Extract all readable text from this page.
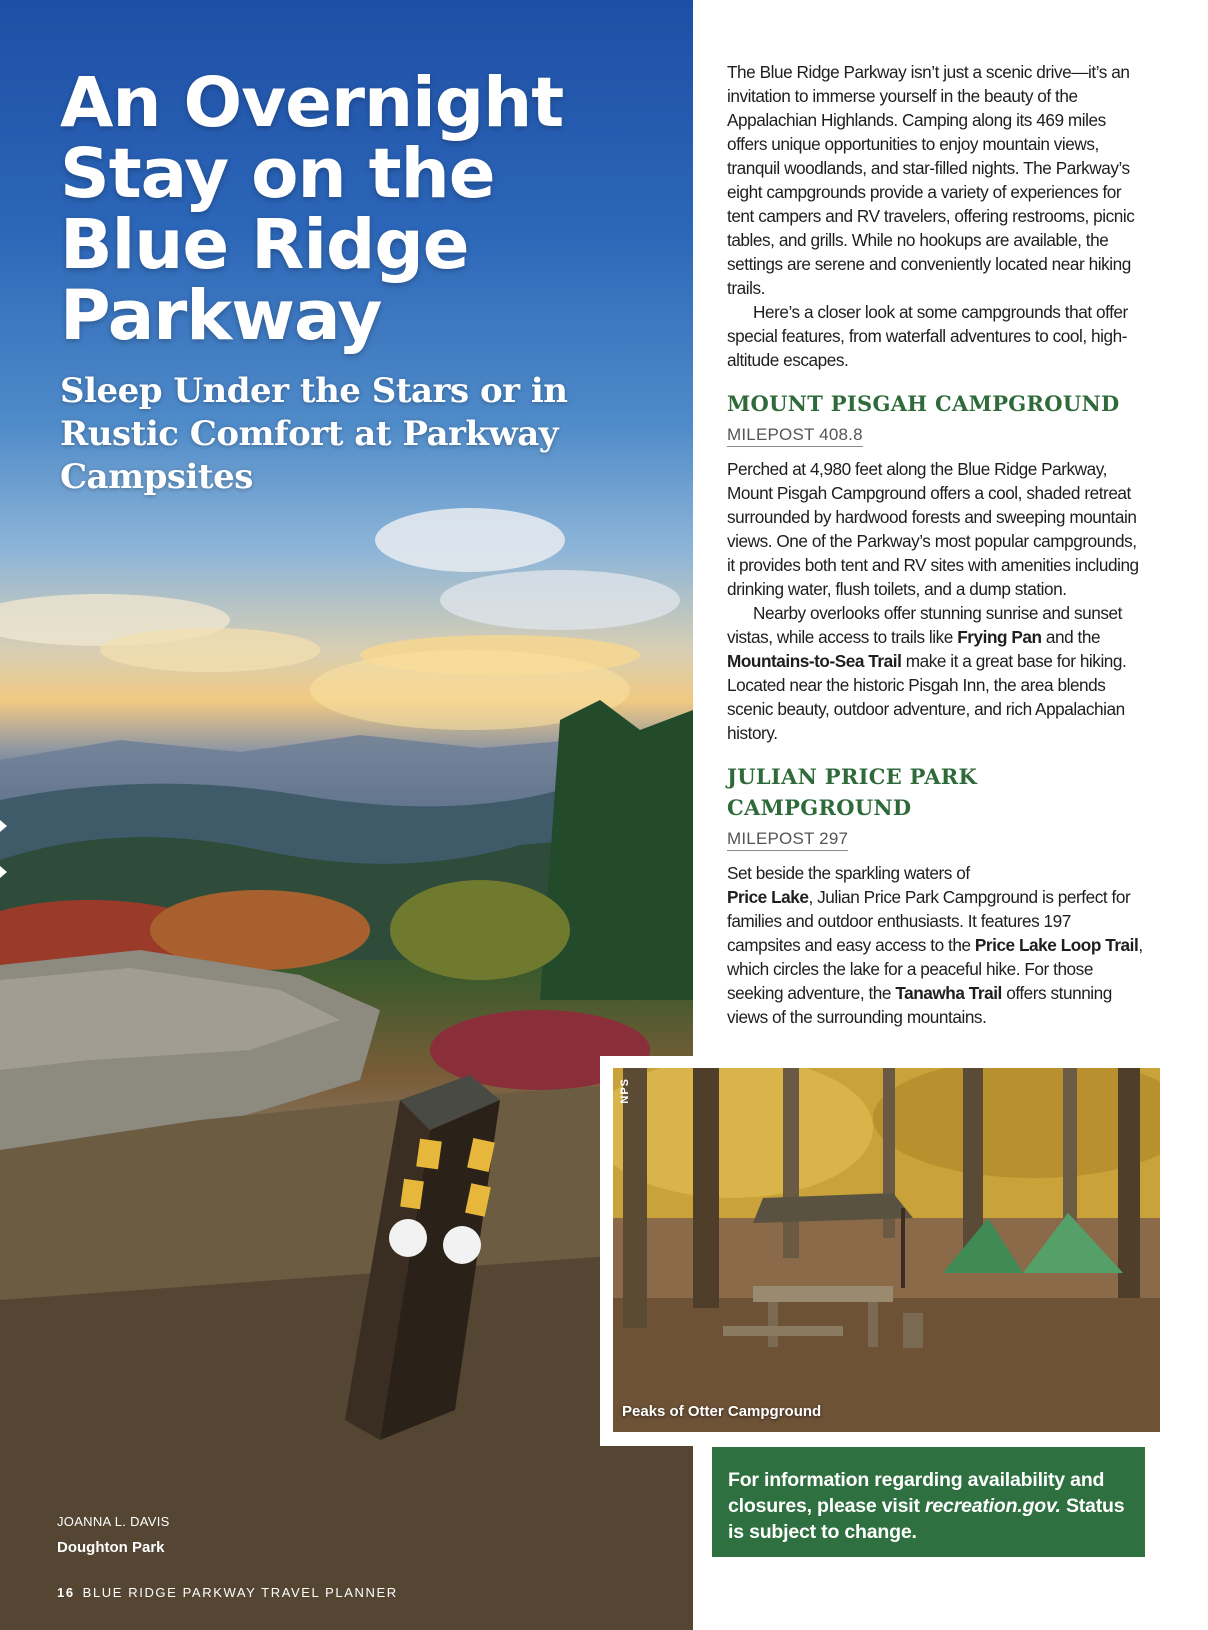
An Overnight
Stay on the
Blue Ridge
Parkway
Sleep Under the Stars or in
Rustic Comfort at Parkway
Campsites
JOANNA L. DAVIS
Doughton Park
16 BLUE RIDGE PARKWAY TRAVEL PLANNER

The Blue Ridge Parkway isn’t just a scenic drive—it’s an invitation to immerse yourself in the beauty of the Appalachian Highlands. Camping along its 469 miles offers unique opportunities to enjoy mountain views, tranquil woodlands, and star-filled nights. The Parkway’s eight campgrounds provide a variety of experiences for tent campers and RV travelers, offering restrooms, picnic tables, and grills. While no hookups are available, the settings are serene and conveniently located near hiking trails.

Here’s a closer look at some campgrounds that offer special features, from waterfall adventures to cool, high-altitude escapes.

MOUNT PISGAH CAMPGROUND
MILEPOST 408.8

Perched at 4,980 feet along the Blue Ridge Parkway, Mount Pisgah Campground offers a cool, shaded retreat surrounded by hardwood forests and sweeping mountain views. One of the Parkway’s most popular campgrounds, it provides both tent and RV sites with amenities including drinking water, flush toilets, and a dump station.

Nearby overlooks offer stunning sunrise and sunset vistas, while access to trails like Frying Pan and the Mountains-to-Sea Trail make it a great base for hiking. Located near the historic Pisgah Inn, the area blends scenic beauty, outdoor adventure, and rich Appalachian history.

JULIAN PRICE PARK
CAMPGROUND
MILEPOST 297

Set beside the sparkling waters of
Price Lake, Julian Price Park Campground is perfect for families and outdoor enthusiasts. It features 197 campsites and easy access to the Price Lake Loop Trail, which circles the lake for a peaceful hike. For those seeking adventure, the Tanawha Trail offers stunning views of the surrounding mountains.

NPS
Peaks of Otter Campground
For information regarding availability and closures, please visit recreation.gov. Status is subject to change.
